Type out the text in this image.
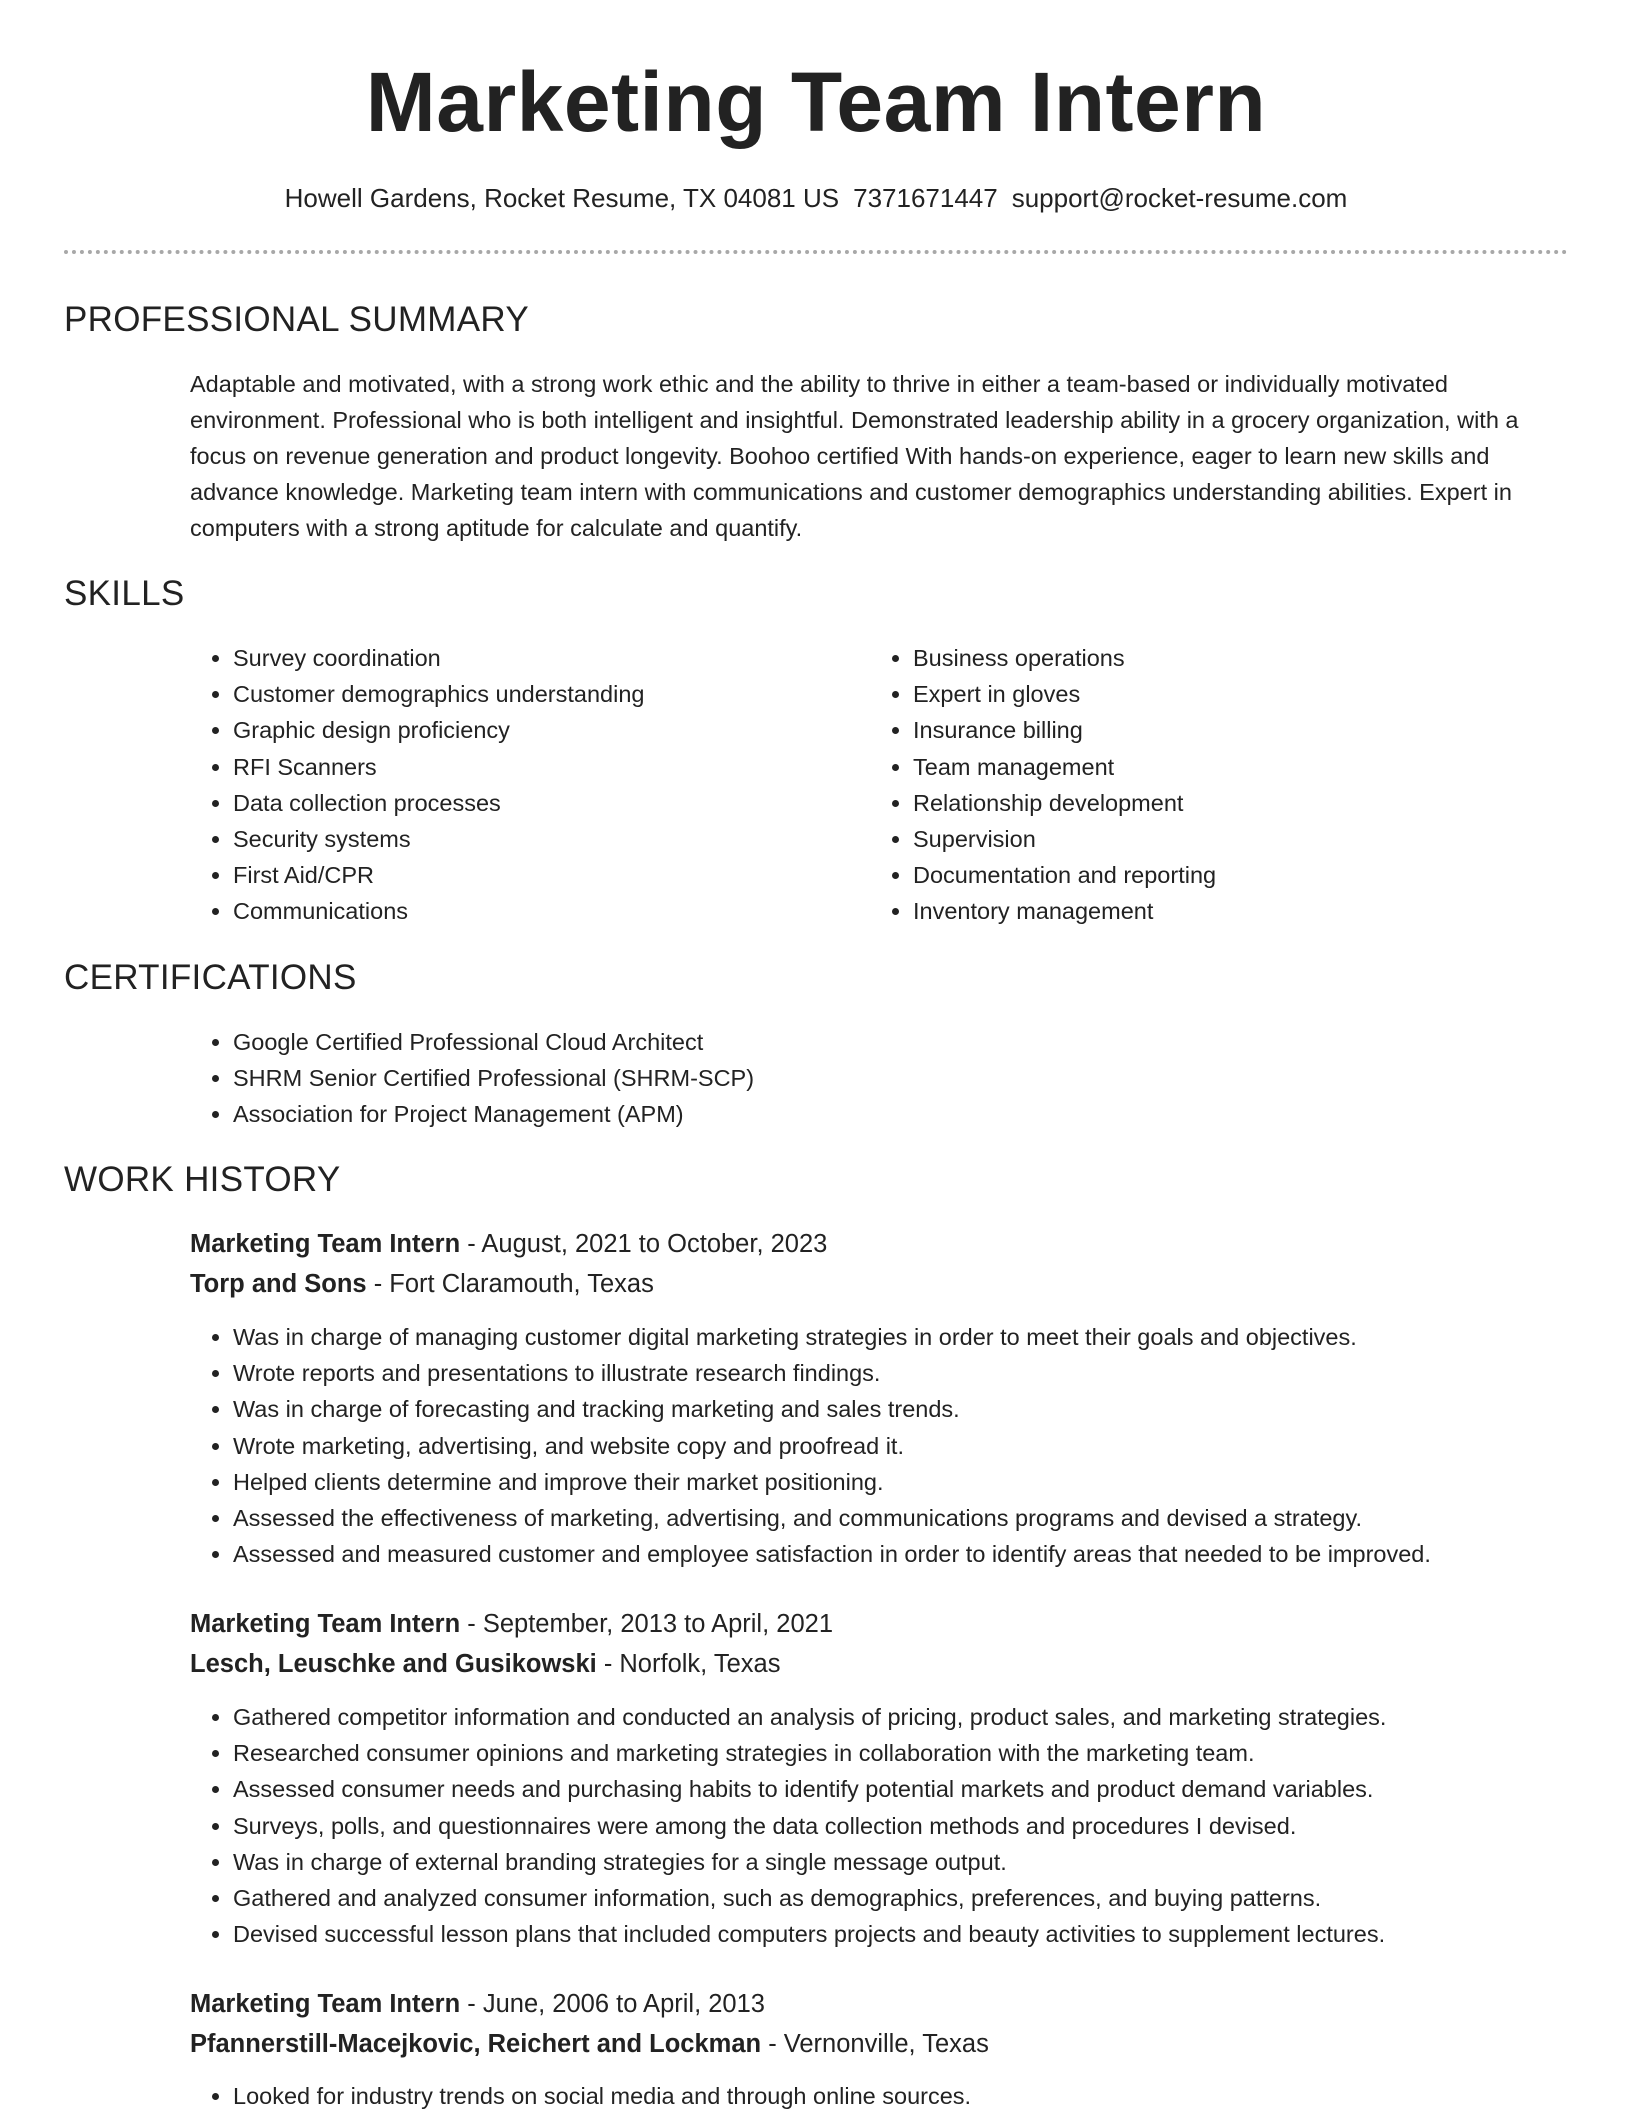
Marketing Team Intern
Howell Gardens, Rocket Resume, TX 04081 US 7371671447 support@rocket-resume.com
PROFESSIONAL SUMMARY
Adaptable and motivated, with a strong work ethic and the ability to thrive in either a team-based or individually motivated environment. Professional who is both intelligent and insightful. Demonstrated leadership ability in a grocery organization, with a focus on revenue generation and product longevity. Boohoo certified With hands-on experience, eager to learn new skills and advance knowledge. Marketing team intern with communications and customer demographics understanding abilities. Expert in computers with a strong aptitude for calculate and quantify.
SKILLS
• Survey coordination
• Customer demographics understanding
• Graphic design proficiency
• RFI Scanners
• Data collection processes
• Security systems
• First Aid/CPR
• Communications
• Business operations
• Expert in gloves
• Insurance billing
• Team management
• Relationship development
• Supervision
• Documentation and reporting
• Inventory management
CERTIFICATIONS
• Google Certified Professional Cloud Architect
• SHRM Senior Certified Professional (SHRM-SCP)
• Association for Project Management (APM)
WORK HISTORY
Marketing Team Intern - August, 2021 to October, 2023
Torp and Sons - Fort Claramouth, Texas
• Was in charge of managing customer digital marketing strategies in order to meet their goals and objectives.
• Wrote reports and presentations to illustrate research findings.
• Was in charge of forecasting and tracking marketing and sales trends.
• Wrote marketing, advertising, and website copy and proofread it.
• Helped clients determine and improve their market positioning.
• Assessed the effectiveness of marketing, advertising, and communications programs and devised a strategy.
• Assessed and measured customer and employee satisfaction in order to identify areas that needed to be improved.
Marketing Team Intern - September, 2013 to April, 2021
Lesch, Leuschke and Gusikowski - Norfolk, Texas
• Gathered competitor information and conducted an analysis of pricing, product sales, and marketing strategies.
• Researched consumer opinions and marketing strategies in collaboration with the marketing team.
• Assessed consumer needs and purchasing habits to identify potential markets and product demand variables.
• Surveys, polls, and questionnaires were among the data collection methods and procedures I devised.
• Was in charge of external branding strategies for a single message output.
• Gathered and analyzed consumer information, such as demographics, preferences, and buying patterns.
• Devised successful lesson plans that included computers projects and beauty activities to supplement lectures.
Marketing Team Intern - June, 2006 to April, 2013
Pfannerstill-Macejkovic, Reichert and Lockman - Vernonville, Texas
• Looked for industry trends on social media and through online sources.
